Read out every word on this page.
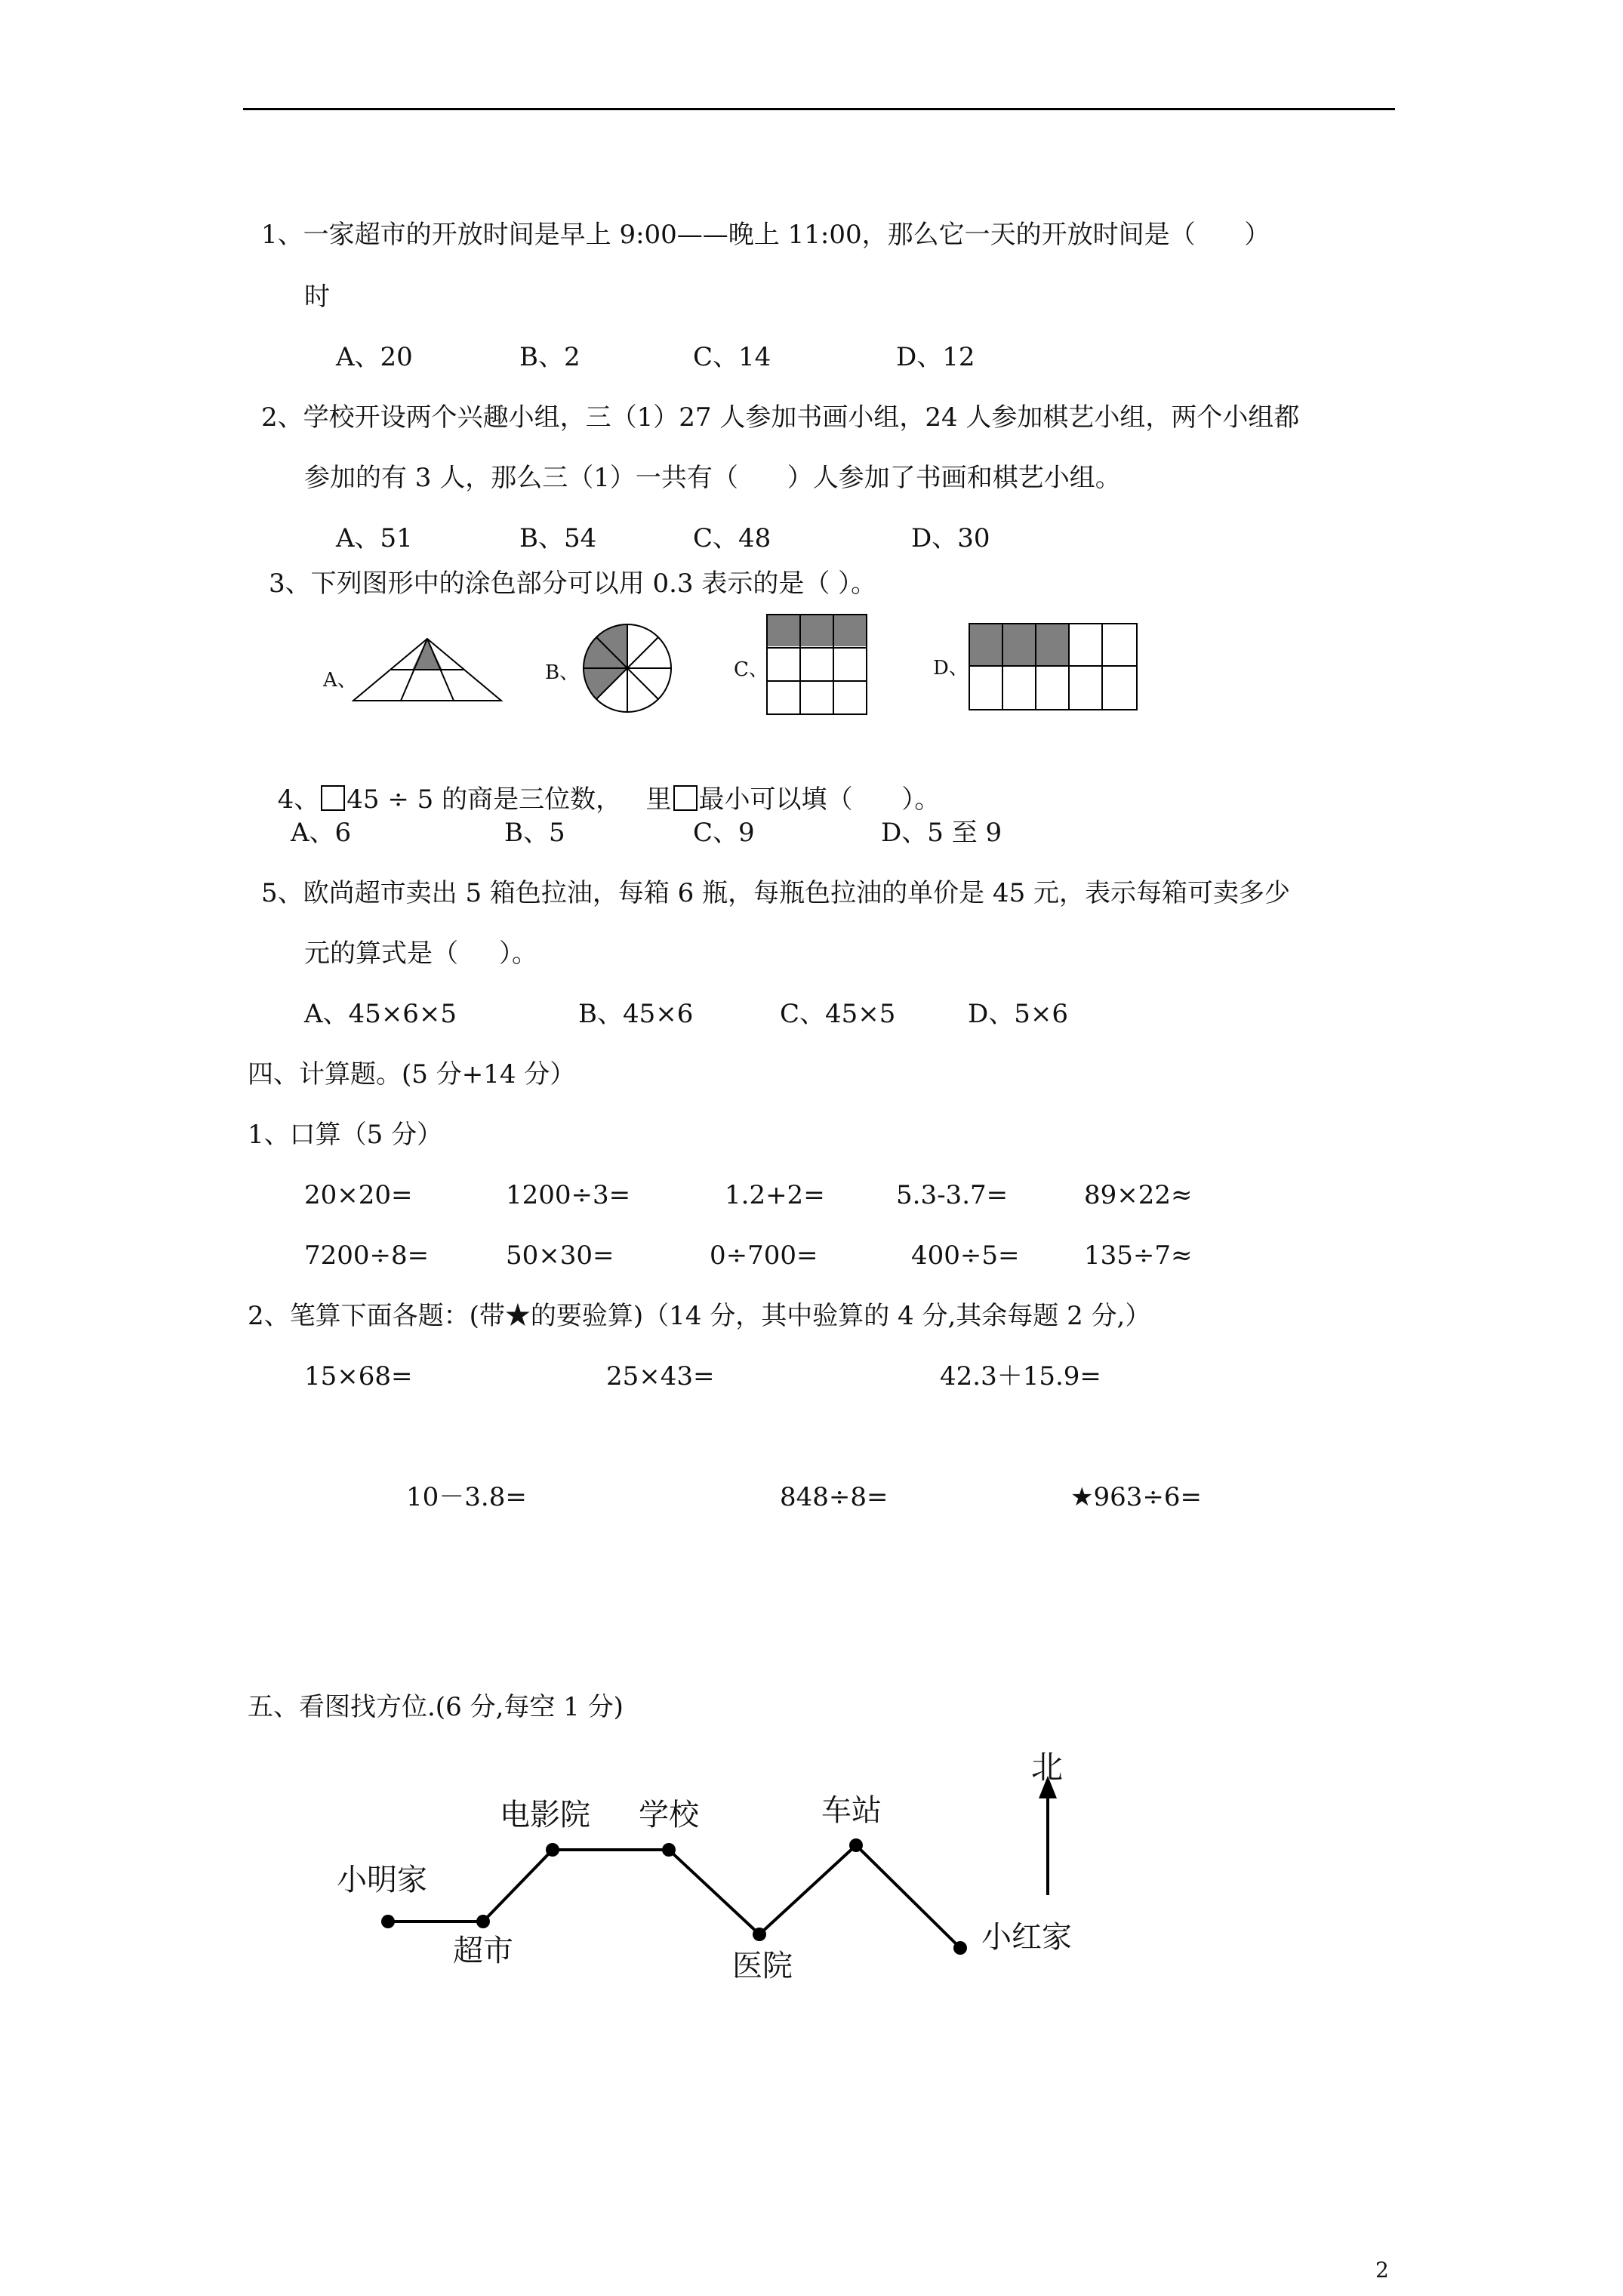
1、一家超市的开放时间是早上 9:00——晚上 11:00，那么它一天的开放时间是（      ）
时
A、20	B、2	C、14	D、12
2、学校开设两个兴趣小组，三（1）27 人参加书画小组，24 人参加棋艺小组，两个小组都
参加的有 3 人，那么三（1）一共有（      ）人参加了书画和棋艺小组。
A、51	B、54	C、48	D、30
3、下列图形中的涂色部分可以用 0.3 表示的是（ ）。
A、	B、	C、	D、

4、 45 ÷ 5 的商是三位数， 里 最小可以填（      ）。

A、6	B、5	C、9	D、5 至 9
5、欧尚超市卖出 5 箱色拉油，每箱 6 瓶，每瓶色拉油的单价是 45 元，表示每箱可卖多少
元的算式是（     ）。
A、45×6×5	B、45×6	C、45×5	D、5×6
四、计算题。(5 分+14 分）
1、口算（5 分）
20×20=	1200÷3=	1.2+2=	5.3-3.7=	89×22≈
7200÷8=	50×30=	0÷700=	400÷5=	135÷7≈
2、笔算下面各题：(带★的要验算)（14 分，其中验算的 4 分,其余每题 2 分,）
15×68=	25×43=	42.3＋15.9=
10－3.8=	848÷8=	★963÷6=
五、看图找方位.(6 分,每空 1 分)
小明家
超市
电影院 学校
医院
车站
小红家
北
2
